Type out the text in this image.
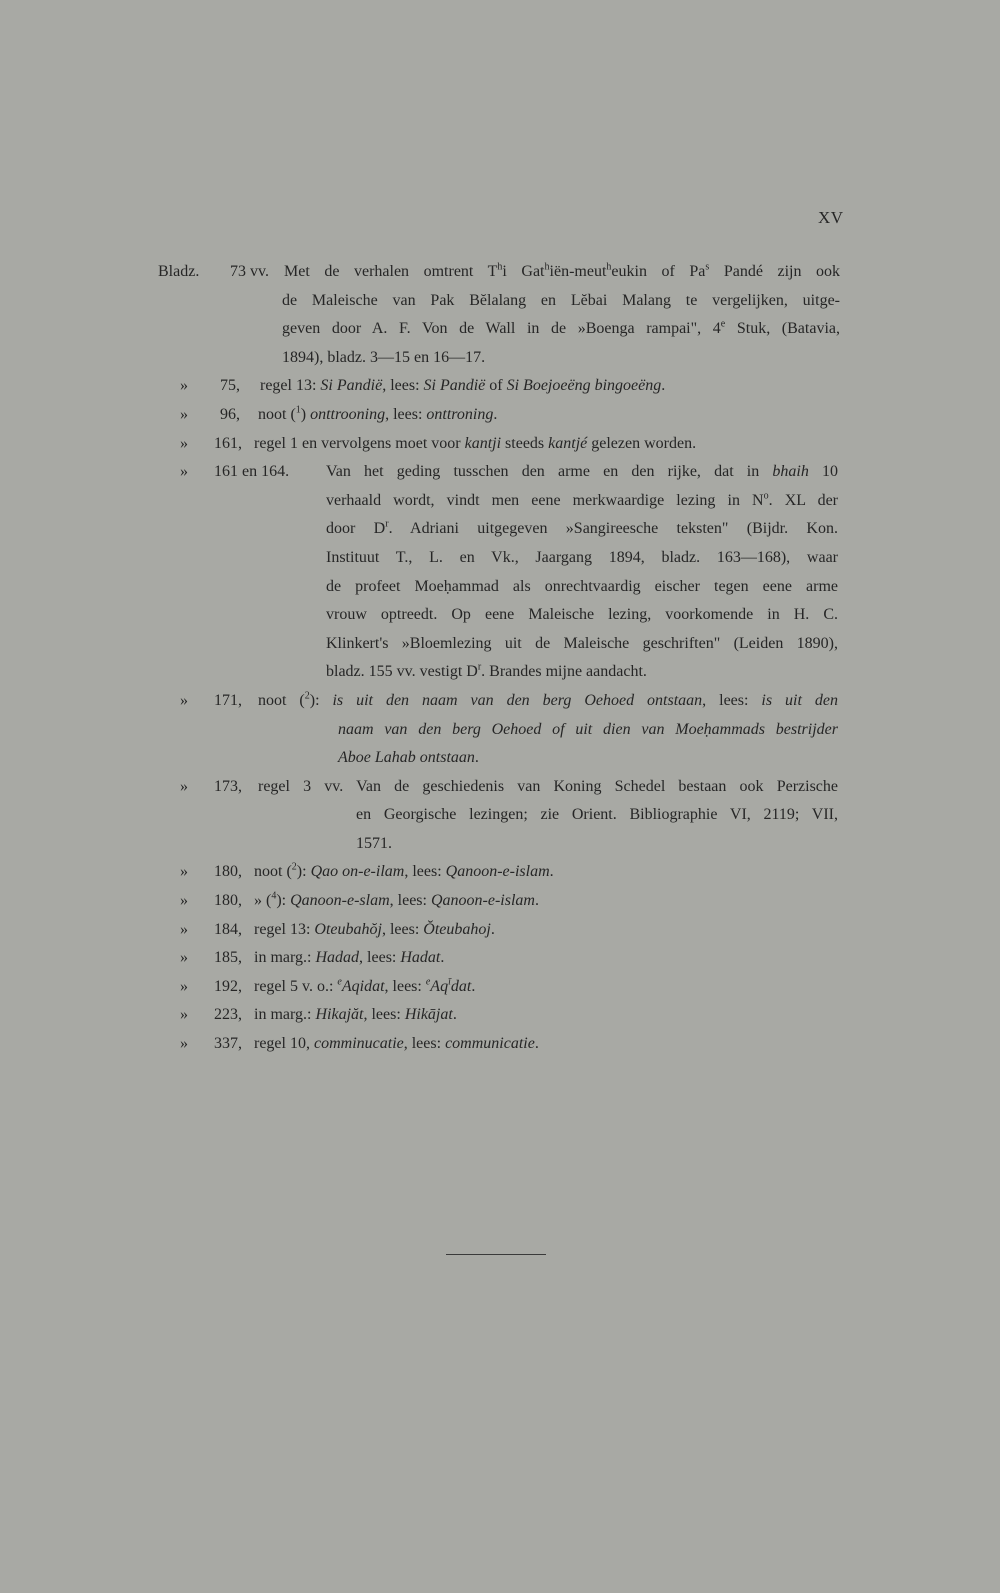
XV
Bladz. 73 vv. Met de verhalen omtrent $T^hi$ Gat$^h$iën-meut$^h$eukin of Pa$^s$ Pandé zijn ook
de Maleische van Pak Bĕlalang en Lĕbai Malang te vergelijken, uitge-
geven door A. F. Von de Wall in de »Boenga rampai", 4e Stuk, (Batavia,
1894), bladz. 3—15 en 16—17.
» 75, regel 13: Si Pandië, lees: Si Pandië of Si Boejoeëng bingoeëng.
» 96, noot ($^1$) onttrooning, lees: onttroning.
» 161, regel 1 en vervolgens moet voor kantji steeds kantjé gelezen worden.
» 161 en 164. Van het geding tusschen den arme en den rijke, dat in bhaih 10
verhaald wordt, vindt men eene merkwaardige lezing in $N^o$. XL der
door $D^r$. Adriani uitgegeven »Sangireesche teksten" (Bijdr. Kon.
Instituut T., L. en Vk., Jaargang 1894, bladz. 163—168), waar
de profeet Moeḥammad als onrechtvaardig eischer tegen eene arme
vrouw optreedt. Op eene Maleische lezing, voorkomende in H. C.
Klinkert's »Bloemlezing uit de Maleische geschriften" (Leiden 1890),
bladz. 155 vv. vestigt $D^r$. Brandes mijne aandacht.
» 171, noot ($^2$): is uit den naam van den berg Oehoed ontstaan, lees: is uit den
naam van den berg Oehoed of uit dien van Moeḥammads bestrijder
Aboe Lahab ontstaan.
» 173, regel 3 vv. Van de geschiedenis van Koning Schedel bestaan ook Perzische
en Georgische lezingen; zie Orient. Bibliographie VI, 2119; VII,
1571.
» 180, noot ($^2$): Qao on-e-ilam, lees: Qanoon-e-islam.
» 180, » ($^4$): Qanoon-e-slam, lees: Qanoon-e-islam.
» 184, regel 13: Oteubahŏj, lees: Ŏteubahoj.
» 185, in marg.: Hadad, lees: Hadat.
» 192, regel 5 v. o.: $^e$Aqidat, lees: $^eAq^īdat$.
» 223, in marg.: Hikajăt, lees: Hikājat.
» 337, regel 10, comminucatie, lees: communicatie.
